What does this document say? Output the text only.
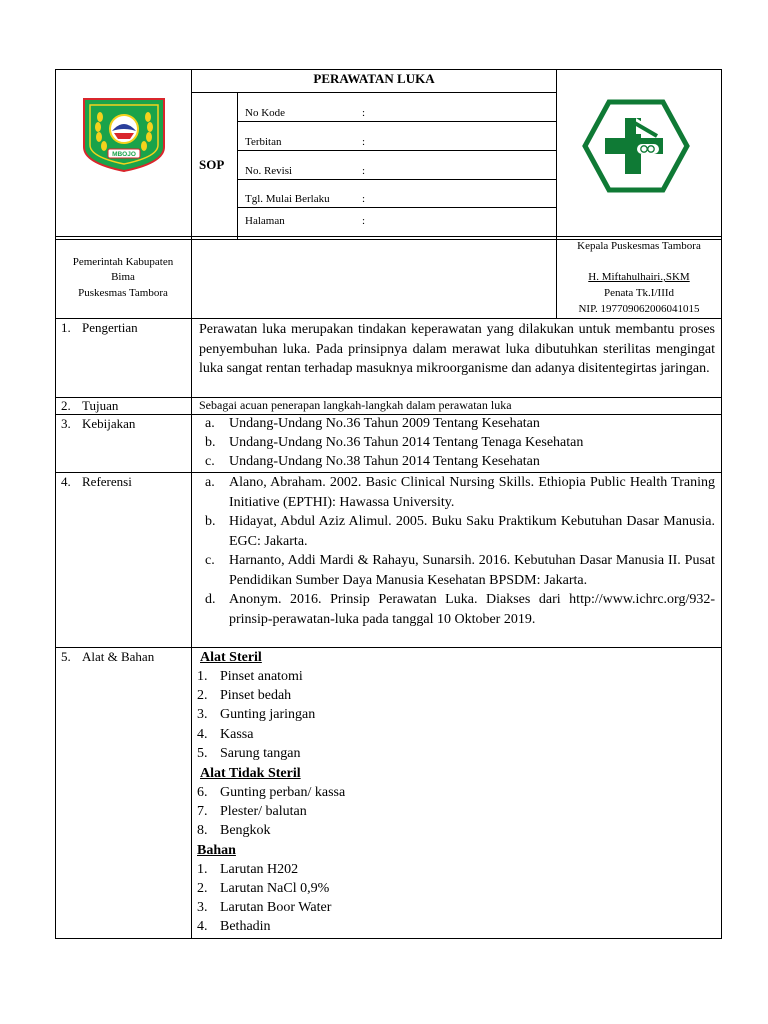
MBOJO
PERAWATAN LUKA
SOP
No Kode	:
Terbitan	:
No. Revisi	:
Tgl. Mulai Berlaku	:
Halaman	:
Pemerintah Kabupaten
Bima
Puskesmas Tambora
Kepala Puskesmas Tambora
H. Miftahulhairi.,SKM
Penata Tk.I/IIId
NIP. 197709062006041015
1. Pengertian	Perawatan luka merupakan tindakan keperawatan yang dilakukan untuk membantu proses penyembuhan luka. Pada prinsipnya dalam merawat luka dibutuhkan sterilitas mengingat luka sangat rentan terhadap masuknya mikroorganisme dan adanya disitentegirtas jaringan.
2. Tujuan	Sebagai acuan penerapan langkah-langkah dalam perawatan luka
3. Kebijakan	a. Undang-Undang No.36 Tahun 2009 Tentang Kesehatan
b. Undang-Undang No.36 Tahun 2014 Tentang Tenaga Kesehatan
c. Undang-Undang No.38 Tahun 2014 Tentang Kesehatan
4. Referensi	a. Alano, Abraham. 2002. Basic Clinical Nursing Skills. Ethiopia Public Health Traning Initiative (EPTHI): Hawassa University.
b. Hidayat, Abdul Aziz Alimul. 2005. Buku Saku Praktikum Kebutuhan Dasar Manusia. EGC: Jakarta.
c. Harnanto, Addi Mardi & Rahayu, Sunarsih. 2016. Kebutuhan Dasar Manusia II. Pusat Pendidikan Sumber Daya Manusia Kesehatan BPSDM: Jakarta.
d. Anonym. 2016. Prinsip Perawatan Luka. Diakses dari http://www.ichrc.org/932-prinsip-perawatan-luka pada tanggal 10 Oktober 2019.
5. Alat & Bahan	Alat Steril
1. Pinset anatomi
2. Pinset bedah
3. Gunting jaringan
4. Kassa
5. Sarung tangan
Alat Tidak Steril
6. Gunting perban/ kassa
7. Plester/ balutan
8. Bengkok
Bahan
1. Larutan H202
2. Larutan NaCl 0,9%
3. Larutan Boor Water
4. Bethadin
